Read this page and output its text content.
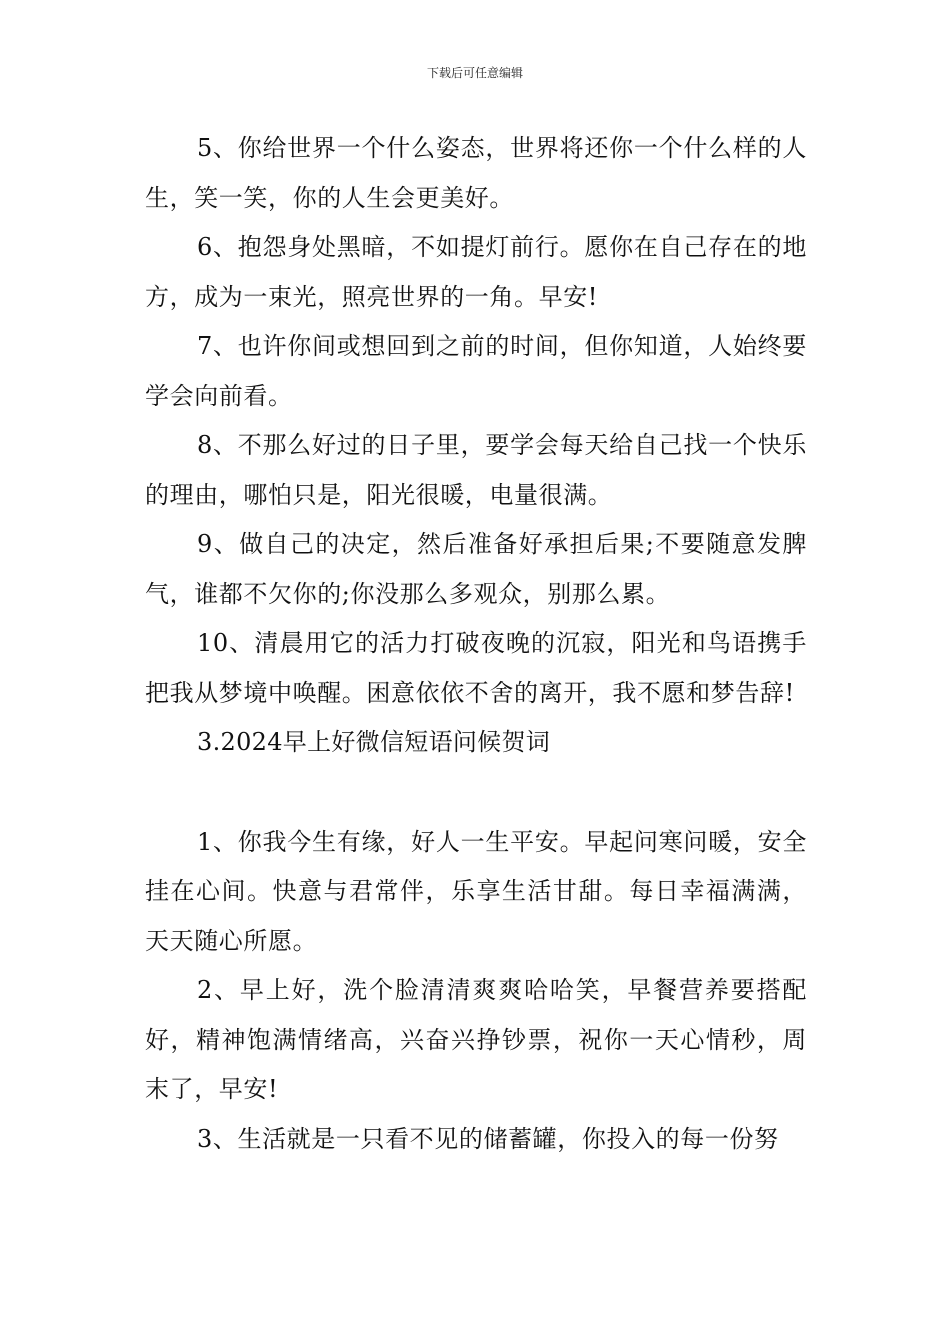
下载后可任意编辑

5、你给世界一个什么姿态，世界将还你一个什么样的人生，笑一笑，你的人生会更美好。

6、抱怨身处黑暗，不如提灯前行。愿你在自己存在的地方，成为一束光，照亮世界的一角。早安!

7、也许你间或想回到之前的时间，但你知道，人始终要学会向前看。

8、不那么好过的日子里，要学会每天给自己找一个快乐的理由，哪怕只是，阳光很暖，电量很满。

9、做自己的决定，然后准备好承担后果;不要随意发脾气，谁都不欠你的;你没那么多观众，别那么累。

10、清晨用它的活力打破夜晚的沉寂，阳光和鸟语携手把我从梦境中唤醒。困意依依不舍的离开，我不愿和梦告辞!

3.2024早上好微信短语问候贺词

1、你我今生有缘，好人一生平安。早起问寒问暖，安全挂在心间。快意与君常伴，乐享生活甘甜。每日幸福满满，天天随心所愿。

2、早上好，洗个脸清清爽爽哈哈笑，早餐营养要搭配好，精神饱满情绪高，兴奋兴挣钞票，祝你一天心情秒，周末了，早安!

3、生活就是一只看不见的储蓄罐，你投入的每一份努
